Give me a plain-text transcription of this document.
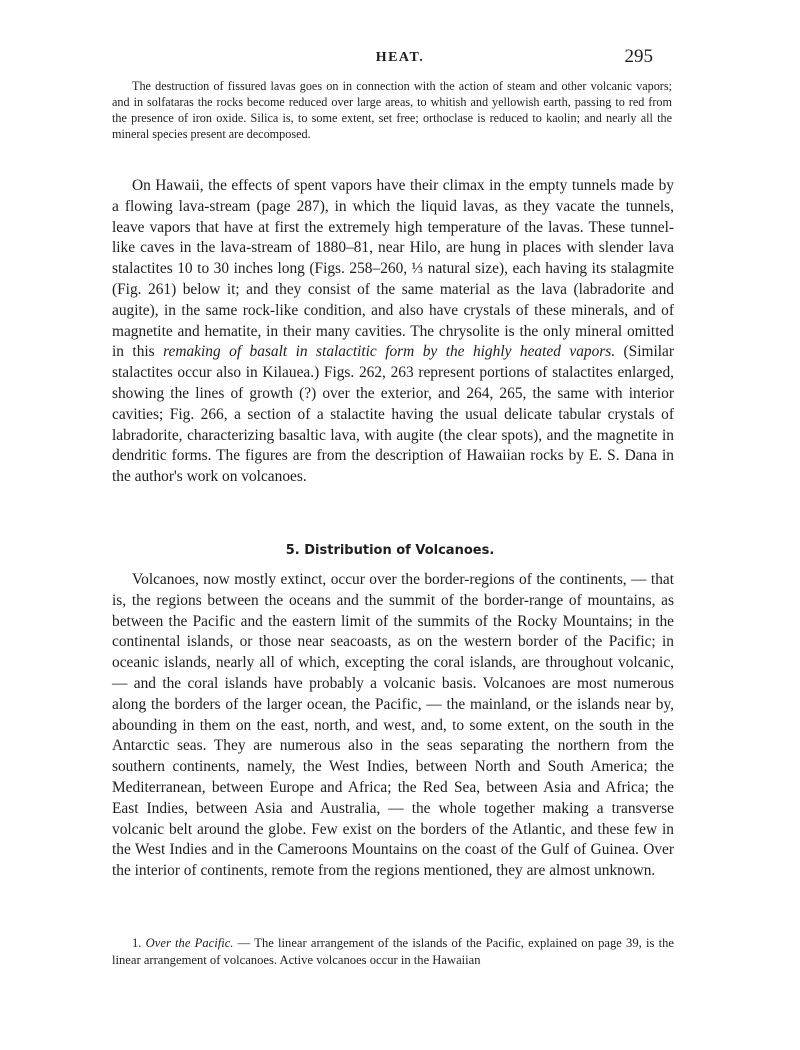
HEAT.	295

The destruction of fissured lavas goes on in connection with the action of steam and other volcanic vapors; and in solfataras the rocks become reduced over large areas, to whitish and yellowish earth, passing to red from the presence of iron oxide. Silica is, to some extent, set free; orthoclase is reduced to kaolin; and nearly all the mineral species present are decomposed.

On Hawaii, the effects of spent vapors have their climax in the empty tunnels made by a flowing lava-stream (page 287), in which the liquid lavas, as they vacate the tunnels, leave vapors that have at first the extremely high temperature of the lavas. These tunnel-like caves in the lava-stream of 1880–81, near Hilo, are hung in places with slender lava stalactites 10 to 30 inches long (Figs. 258–260, ⅓ natural size), each having its stalagmite (Fig. 261) below it; and they consist of the same material as the lava (labradorite and augite), in the same rock-like condition, and also have crystals of these minerals, and of magnetite and hematite, in their many cavities. The chrysolite is the only mineral omitted in this remaking of basalt in stalactitic form by the highly heated vapors. (Similar stalactites occur also in Kilauea.) Figs. 262, 263 represent portions of stalactites enlarged, showing the lines of growth (?) over the exterior, and 264, 265, the same with interior cavities; Fig. 266, a section of a stalactite having the usual delicate tabular crystals of labradorite, characterizing basaltic lava, with augite (the clear spots), and the magnetite in dendritic forms. The figures are from the description of Hawaiian rocks by E. S. Dana in the author's work on volcanoes.

5. Distribution of Volcanoes.

Volcanoes, now mostly extinct, occur over the border-regions of the continents, — that is, the regions between the oceans and the summit of the border-range of mountains, as between the Pacific and the eastern limit of the summits of the Rocky Mountains; in the continental islands, or those near seacoasts, as on the western border of the Pacific; in oceanic islands, nearly all of which, excepting the coral islands, are throughout volcanic, — and the coral islands have probably a volcanic basis. Volcanoes are most numerous along the borders of the larger ocean, the Pacific, — the mainland, or the islands near by, abounding in them on the east, north, and west, and, to some extent, on the south in the Antarctic seas. They are numerous also in the seas separating the northern from the southern continents, namely, the West Indies, between North and South America; the Mediterranean, between Europe and Africa; the Red Sea, between Asia and Africa; the East Indies, between Asia and Australia, — the whole together making a transverse volcanic belt around the globe. Few exist on the borders of the Atlantic, and these few in the West Indies and in the Cameroons Mountains on the coast of the Gulf of Guinea. Over the interior of continents, remote from the regions mentioned, they are almost unknown.

1. Over the Pacific. — The linear arrangement of the islands of the Pacific, explained on page 39, is the linear arrangement of volcanoes. Active volcanoes occur in the Hawaiian
